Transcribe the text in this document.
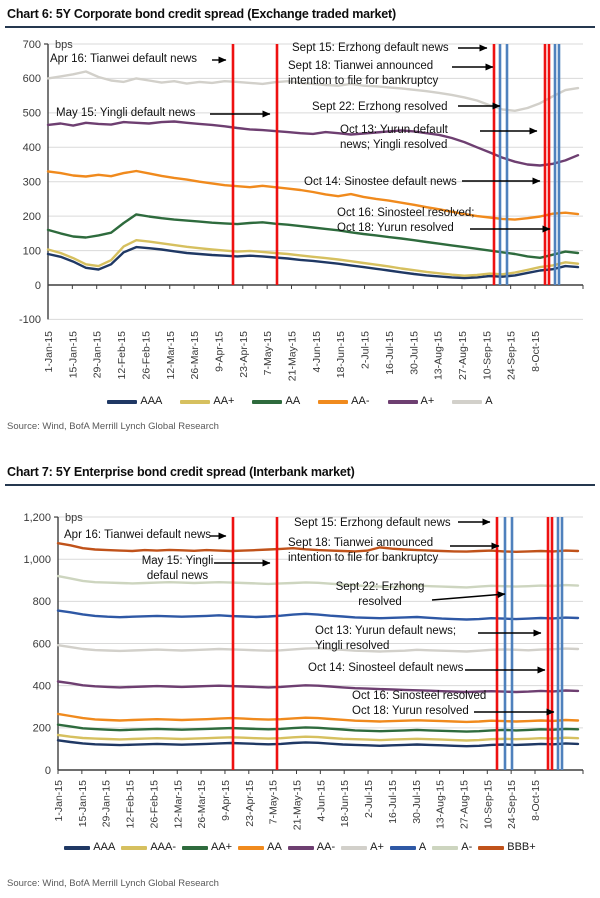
Chart 6: 5Y Corporate bond credit spread (Exchange traded market)
700
600
500
400
300
200
100
0
-100
bps
1-Jan-15 15-Jan-15 29-Jan-15 12-Feb-15 26-Feb-15 12-Mar-15 26-Mar-15 9-Apr-15 23-Apr-15 7-May-15 21-May-15 4-Jun-15 18-Jun-15 2-Jul-15 16-Jul-15 30-Jul-15 13-Aug-15 27-Aug-15 10-Sep-15 24-Sep-15 8-Oct-15
AAA	AA+	AA	AA-	A+	A
Source: Wind, BofA Merrill Lynch Global Research
Apr 16: Tianwei default news
May 15: Yingli default news
Sept 15: Erzhong default news
Sept 18: Tianwei announced
intention to file for bankruptcy
Sept 22: Erzhong resolved
Oct 13: Yurun default
news; Yingli resolved
Oct 14: Sinostee default news
Oct 16: Sinosteel resolved;
Oct 18: Yurun resolved
Chart 7: 5Y Enterprise bond credit spread (Interbank market)
1,200
1,000
800
600
400
200
0
bps
1-Jan-15 15-Jan-15 29-Jan-15 12-Feb-15 26-Feb-15 12-Mar-15 26-Mar-15 9-Apr-15 23-Apr-15 7-May-15 21-May-15 4-Jun-15 18-Jun-15 2-Jul-15 16-Jul-15 30-Jul-15 13-Aug-15 27-Aug-15 10-Sep-15 24-Sep-15 8-Oct-15
AAA	AAA-	AA+	AA	AA-	A+	A	A-	BBB+
Source: Wind, BofA Merrill Lynch Global Research
Apr 16: Tianwei default news
May 15: Yingli
defaul news
Sept 15: Erzhong default news
Sept 18: Tianwei announced
intention to file for bankruptcy
Sept 22: Erzhong
resolved
Oct 13: Yurun default news;
Yingli resolved
Oct 14: Sinosteel default news
Oct 16: Sinosteel resolved
Oct 18: Yurun resolved
